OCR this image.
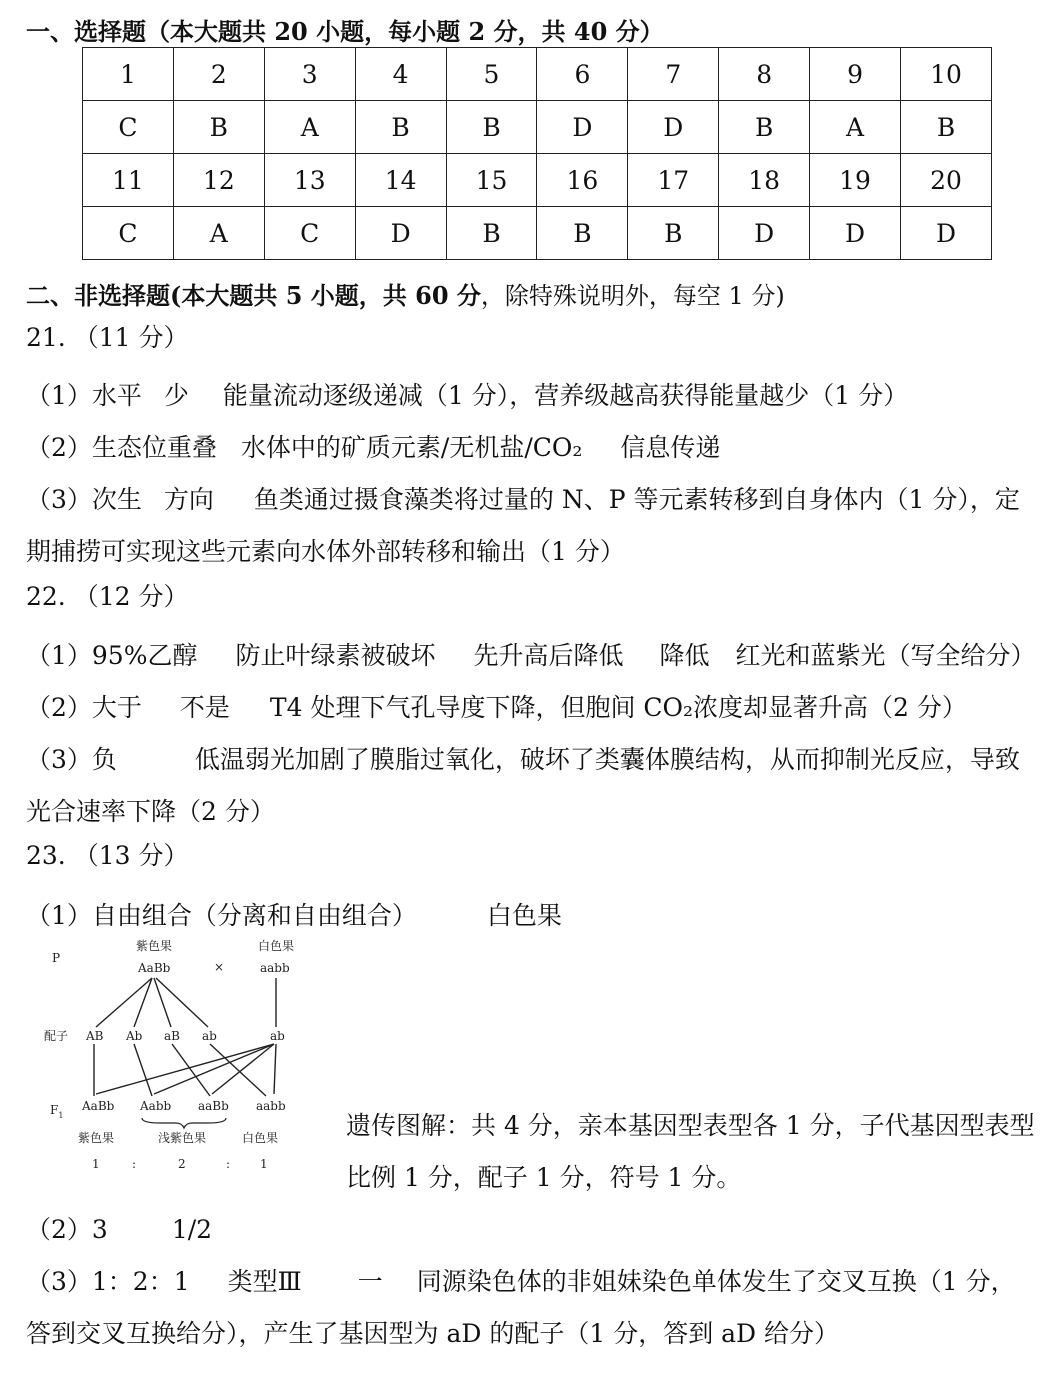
一、选择题（本大题共 20 小题，每小题 2 分，共 40 分）
1	2	3	4	5	6	7	8	9	10
C	B	A	B	B	D	D	B	A	B
11	12	13	14	15	16	17	18	19	20
C	A	C	D	B	B	B	D	D	D
二、非选择题(本大题共 5 小题，共 60 分，除特殊说明外，每空 1 分)
21. （11 分）
（1）水平 少 能量流动逐级递减（1 分），营养级越高获得能量越少（1 分）
（2）生态位重叠 水体中的矿质元素/无机盐/CO₂ 信息传递
（3）次生 方向 鱼类通过摄食藻类将过量的 N、P 等元素转移到自身体内（1 分），定
期捕捞可实现这些元素向水体外部转移和输出（1 分）
22. （12 分）
（1）95%乙醇 防止叶绿素被破坏 先升高后降低 降低 红光和蓝紫光（写全给分）
（2）大于 不是 T4 处理下气孔导度下降，但胞间 CO₂浓度却显著升高（2 分）
（3）负	低温弱光加剧了膜脂过氧化，破坏了类囊体膜结构，从而抑制光反应，导致
光合速率下降（2 分）
23. （13 分）
（1）自由组合（分离和自由组合）	白色果
P
紫色果
AaBb	×
白色果
aabb
配子 AB Ab aB ab	ab
$F_1$
AaBb Aabb aaBb aabb
紫色果	浅紫色果	白色果
1	:	2	: 1
遗传图解：共 4 分，亲本基因型表型各 1 分，子代基因型表型
比例 1 分，配子 1 分，符号 1 分。
（2）3	1/2
（3）1：2：1 类型Ⅲ 一 同源染色体的非姐妹染色单体发生了交叉互换（1 分，
答到交叉互换给分），产生了基因型为 aD 的配子（1 分，答到 aD 给分）
